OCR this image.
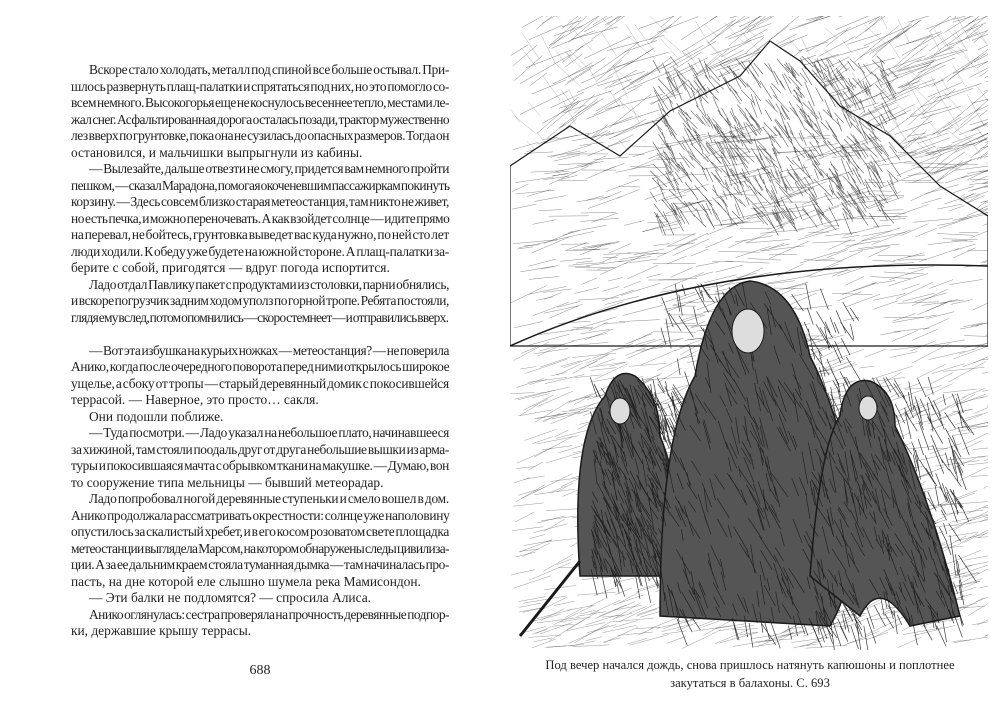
Вскоре стало холодать, металл под спиной все больше остывал. При-
шлось развернуть плащ-палатки и спрятаться под них, но это помогло со-
всем немного. Высокогорья еще не коснулось весеннее тепло, местами ле-
жал снег. Асфальтированная дорога осталась позади, трактор мужественно
лез вверх по грунтовке, пока она не сузилась до опасных размеров. Тогда он
остановился, и мальчишки выпрыгнули из кабины.
— Вылезайте, дальше отвезти не смогу, придется вам немного пройти
пешком, — сказал Марадона, помогая окоченевшим пассажиркам покинуть
корзину. — Здесь совсем близко старая метеостанция, там никто не живет,
но есть печка, и можно переночевать. А как взойдет солнце — идите прямо
на перевал, не бойтесь, грунтовка выведет вас куда нужно, по ней сто лет
люди ходили. К обеду уже будете на южной стороне. А плащ-палатки за-
берите с собой, пригодятся — вдруг погода испортится.
Ладо отдал Павлику пакет с продуктами из столовки, парни обнялись,
и вскоре погрузчик задним ходом уполз по горной тропе. Ребята постояли,
глядя ему вслед, потом опомнились — скоро стемнеет — и отправились вверх.
— Вот эта избушка на курьих ножках — метеостанция? — не поверила
Анико, когда после очередного поворота перед ними открылось широкое
ущелье, а сбоку от тропы — старый деревянный домик с покосившейся
террасой. — Наверное, это просто… сакля.
Они подошли поближе.
— Туда посмотри. — Ладо указал на небольшое плато, начинавшееся
за хижиной, там стояли поодаль друг от друга небольшие вышки из арма-
туры и покосившаяся мачта с обрывком ткани на макушке. — Думаю, вон
то сооружение типа мельницы — бывший метеорадар.
Ладо попробовал ногой деревянные ступеньки и смело вошел в дом.
Анико продолжала рассматривать окрестности: солнце уже наполовину
опустилось за скалистый хребет, и в его косом розоватом свете площадка
метеостанции выглядела Марсом, на котором обнаружены следы цивилиза-
ции. А за ее дальним краем стояла туманная дымка — там начиналась про-
пасть, на дне которой еле слышно шумела река Мамисондон.
— Эти балки не подломятся? — спросила Алиса.
Анико оглянулась: сестра проверяла на прочность деревянные подпор-
ки, державшие крышу террасы.
688	Под вечер начался дождь, снова пришлось натянуть капюшоны и поплотнее
закутаться в балахоны. С. 693
